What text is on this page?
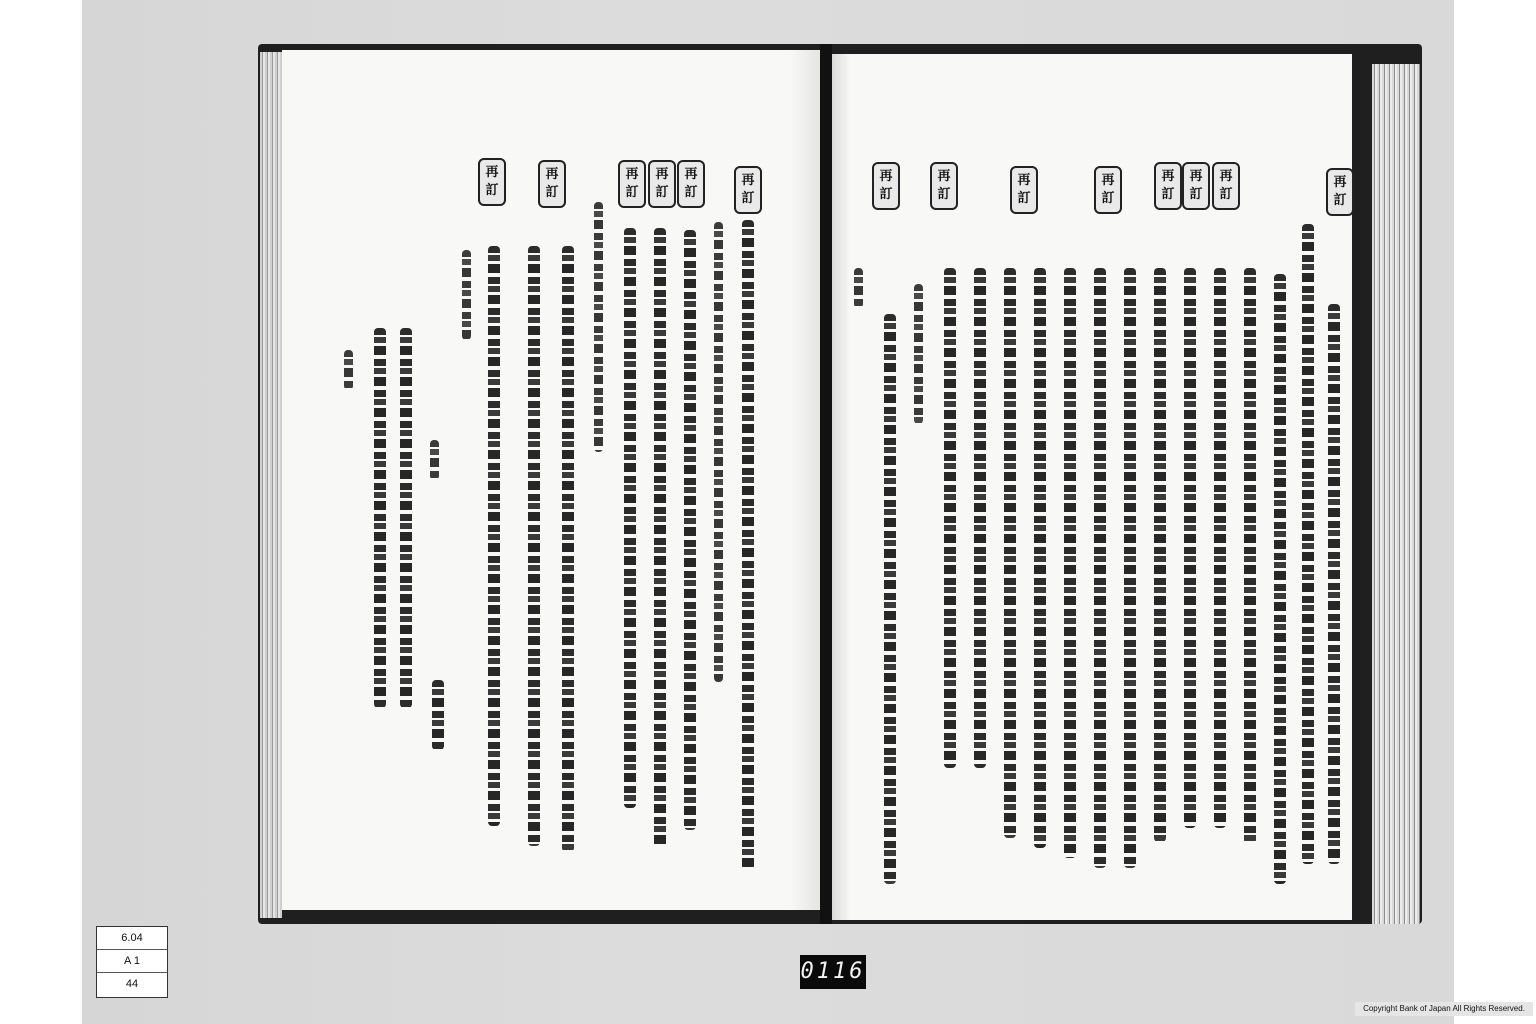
再
訂
再
訂
再
訂
再
訂
再
訂
再
訂
再
訂
再
訂
再
訂
再
訂
再
訂
再
訂
再
訂
再
訂
6.04
A 1
44	0116
Copyright Bank of Japan All Rights Reserved.
